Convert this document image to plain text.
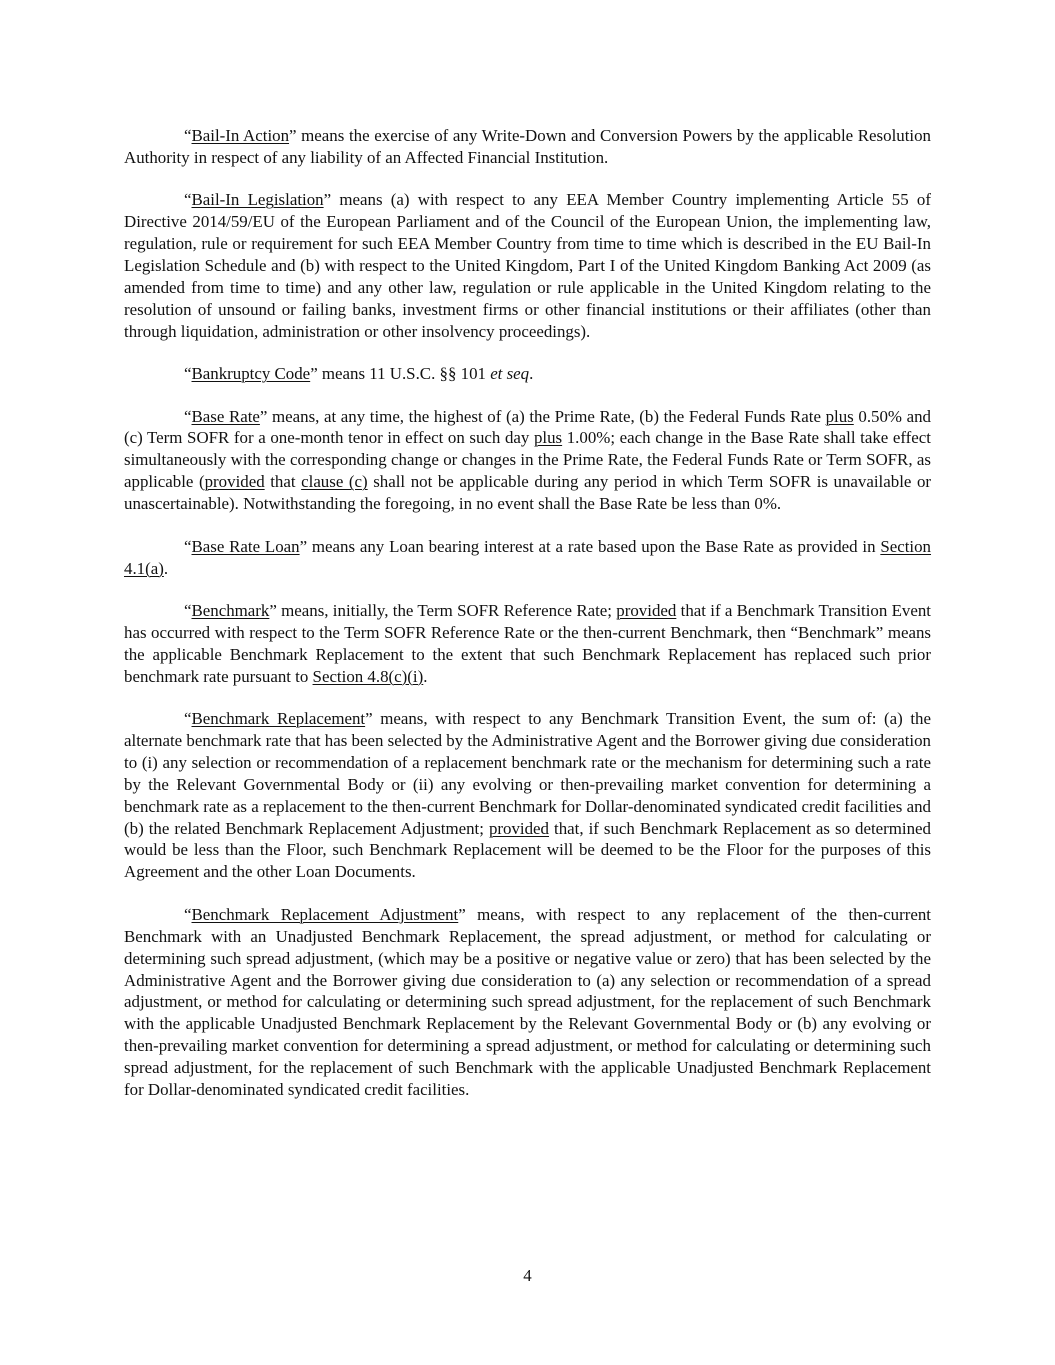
“Bail-In Action” means the exercise of any Write-Down and Conversion Powers by the applicable Resolution Authority in respect of any liability of an Affected Financial Institution.

“Bail-In Legislation” means (a) with respect to any EEA Member Country implementing Article 55 of Directive 2014/59/EU of the European Parliament and of the Council of the European Union, the implementing law, regulation, rule or requirement for such EEA Member Country from time to time which is described in the EU Bail-In Legislation Schedule and (b) with respect to the United Kingdom, Part I of the United Kingdom Banking Act 2009 (as amended from time to time) and any other law, regulation or rule applicable in the United Kingdom relating to the resolution of unsound or failing banks, investment firms or other financial institutions or their affiliates (other than through liquidation, administration or other insolvency proceedings).

“Bankruptcy Code” means 11 U.S.C. §§ 101 et seq.

“Base Rate” means, at any time, the highest of (a) the Prime Rate, (b) the Federal Funds Rate plus 0.50% and (c) Term SOFR for a one-month tenor in effect on such day plus 1.00%; each change in the Base Rate shall take effect simultaneously with the corresponding change or changes in the Prime Rate, the Federal Funds Rate or Term SOFR, as applicable (provided that clause (c) shall not be applicable during any period in which Term SOFR is unavailable or unascertainable). Notwithstanding the foregoing, in no event shall the Base Rate be less than 0%.

“Base Rate Loan” means any Loan bearing interest at a rate based upon the Base Rate as provided in Section 4.1(a).

“Benchmark” means, initially, the Term SOFR Reference Rate; provided that if a Benchmark Transition Event has occurred with respect to the Term SOFR Reference Rate or the then-current Benchmark, then “Benchmark” means the applicable Benchmark Replacement to the extent that such Benchmark Replacement has replaced such prior benchmark rate pursuant to Section 4.8(c)(i).

“Benchmark Replacement” means, with respect to any Benchmark Transition Event, the sum of: (a) the alternate benchmark rate that has been selected by the Administrative Agent and the Borrower giving due consideration to (i) any selection or recommendation of a replacement benchmark rate or the mechanism for determining such a rate by the Relevant Governmental Body or (ii) any evolving or then-prevailing market convention for determining a benchmark rate as a replacement to the then-current Benchmark for Dollar-denominated syndicated credit facilities and (b) the related Benchmark Replacement Adjustment; provided that, if such Benchmark Replacement as so determined would be less than the Floor, such Benchmark Replacement will be deemed to be the Floor for the purposes of this Agreement and the other Loan Documents.

“Benchmark Replacement Adjustment” means, with respect to any replacement of the then-current Benchmark with an Unadjusted Benchmark Replacement, the spread adjustment, or method for calculating or determining such spread adjustment, (which may be a positive or negative value or zero) that has been selected by the Administrative Agent and the Borrower giving due consideration to (a) any selection or recommendation of a spread adjustment, or method for calculating or determining such spread adjustment, for the replacement of such Benchmark with the applicable Unadjusted Benchmark Replacement by the Relevant Governmental Body or (b) any evolving or then-prevailing market convention for determining a spread adjustment, or method for calculating or determining such spread adjustment, for the replacement of such Benchmark with the applicable Unadjusted Benchmark Replacement for Dollar-denominated syndicated credit facilities.

4
